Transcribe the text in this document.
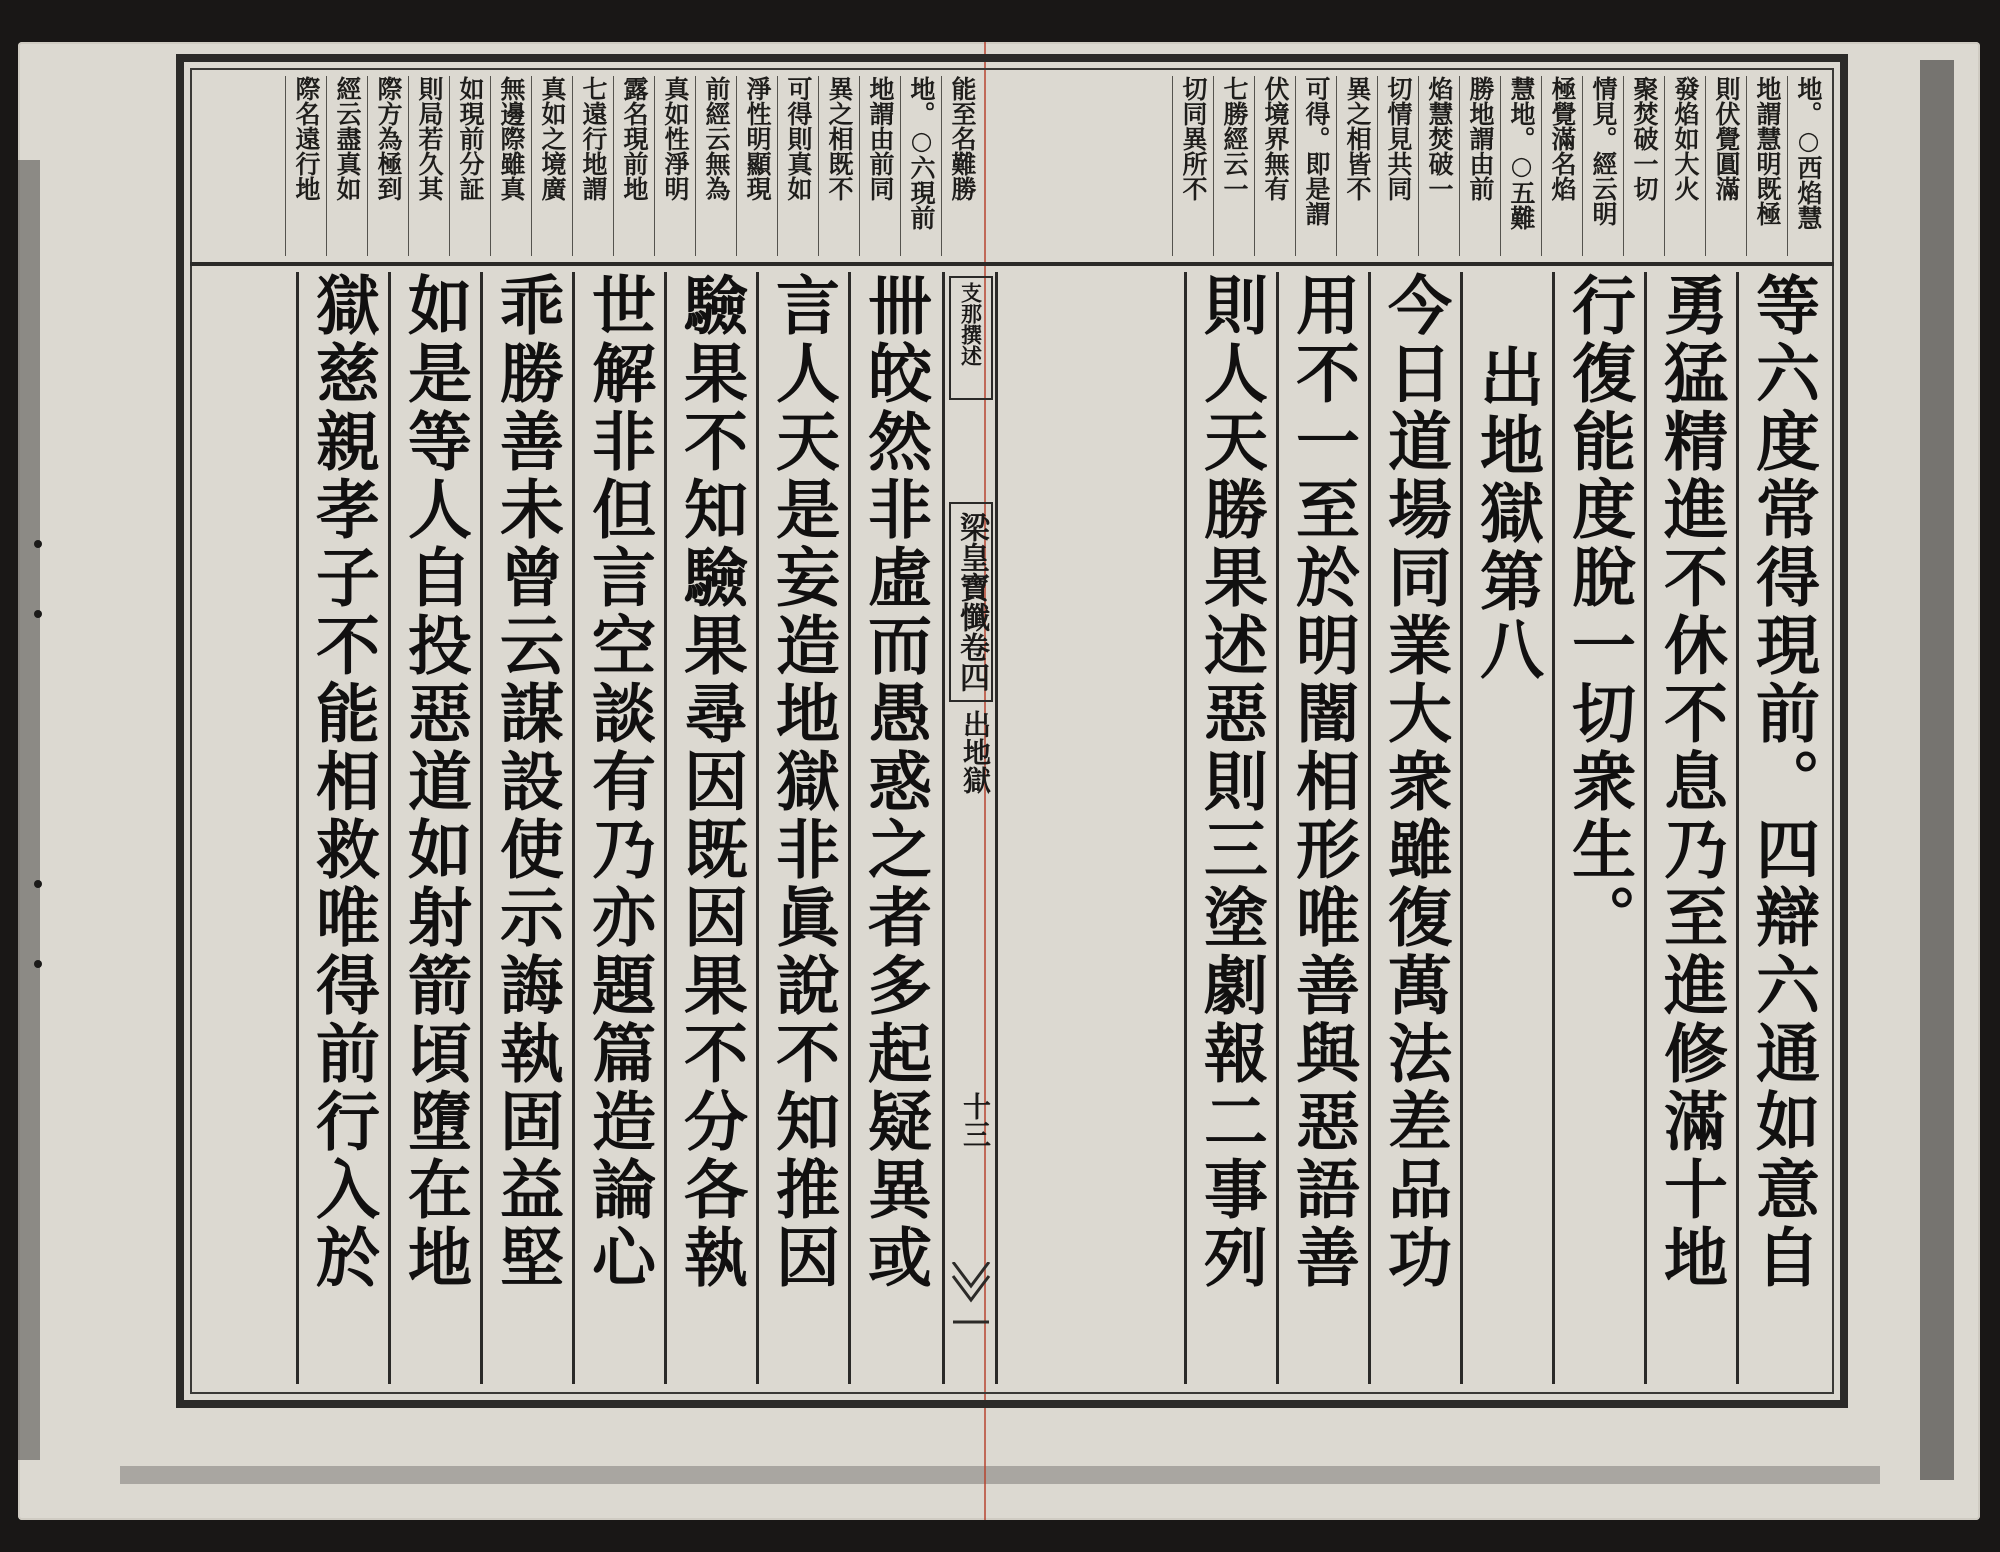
地。○西焰慧
地謂慧明既極
則伏覺圓滿
發焰如大火
聚焚破一切
情見。經云明
極覺滿名焰
慧地。○五難
勝地謂由前
焰慧焚破一
切情見共同
異之相皆不
可得。即是謂
伏境界無有
七勝經云一
切同異所不
能至名難勝
地。○六現前
地謂由前同
異之相既不
可得則真如
淨性明顯現
前經云無為
真如性淨明
露名現前地
七遠行地謂
真如之境廣
無邊際雖真
如現前分証
則局若久其
際方為極到
經云盡真如
際名遠行地
等六度常得現前。四辯六通如意自
勇猛精進不休不息乃至進修滿十地
行復能度脫一切衆生。
出地獄第八
今日道場同業大衆雖復萬法差品功
用不一至於明闇相形唯善與惡語善
則人天勝果述惡則三塗劇報二事列
支那撰述
梁皇寶懺卷四
出地獄
十三
卌皎然非虛而愚惑之者多起疑異或
言人天是妄造地獄非眞說不知推因
驗果不知驗果尋因既因果不分各執
世解非但言空談有乃亦題篇造論心
乖勝善未曾云謀設使示誨執固益堅
如是等人自投惡道如射箭頃墮在地
獄慈親孝子不能相救唯得前行入於
